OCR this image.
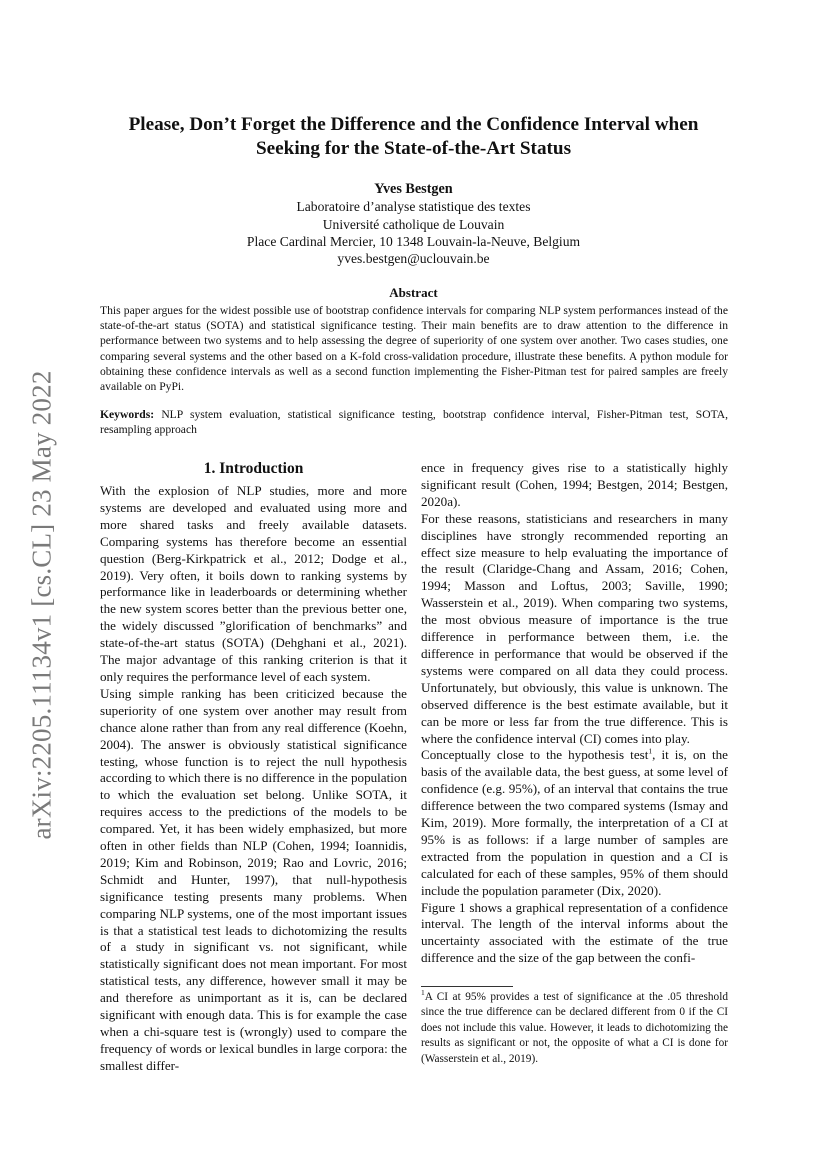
arXiv:2205.11134v1 [cs.CL] 23 May 2022
Please, Don’t Forget the Difference and the Confidence Interval when
Seeking for the State-of-the-Art Status
Yves Bestgen
Laboratoire d’analyse statistique des textes
Université catholique de Louvain
Place Cardinal Mercier, 10 1348 Louvain-la-Neuve, Belgium
yves.bestgen@uclouvain.be
Abstract
This paper argues for the widest possible use of bootstrap confidence intervals for comparing NLP system performances instead of the state-of-the-art status (SOTA) and statistical significance testing. Their main benefits are to draw attention to the difference in performance between two systems and to help assessing the degree of superiority of one system over another. Two cases studies, one comparing several systems and the other based on a K-fold cross-validation procedure, illustrate these benefits. A python module for obtaining these confidence intervals as well as a second function implementing the Fisher-Pitman test for paired samples are freely available on PyPi.
Keywords: NLP system evaluation, statistical significance testing, bootstrap confidence interval, Fisher-Pitman test, SOTA, resampling approach
1. Introduction

With the explosion of NLP studies, more and more systems are developed and evaluated using more and more shared tasks and freely available datasets. Comparing systems has therefore become an essential question (Berg-Kirkpatrick et al., 2012; Dodge et al., 2019). Very often, it boils down to ranking systems by performance like in leaderboards or determining whether the new system scores better than the previous better one, the widely discussed ”glorification of benchmarks” and state-of-the-art status (SOTA) (Dehghani et al., 2021). The major advantage of this ranking criterion is that it only requires the performance level of each system.

Using simple ranking has been criticized because the superiority of one system over another may result from chance alone rather than from any real difference (Koehn, 2004). The answer is obviously statistical significance testing, whose function is to reject the null hypothesis according to which there is no difference in the population to which the evaluation set belong. Unlike SOTA, it requires access to the predictions of the models to be compared. Yet, it has been widely emphasized, but more often in other fields than NLP (Cohen, 1994; Ioannidis, 2019; Kim and Robinson, 2019; Rao and Lovric, 2016; Schmidt and Hunter, 1997), that null-hypothesis significance testing presents many problems. When comparing NLP systems, one of the most important issues is that a statistical test leads to dichotomizing the results of a study in significant vs. not significant, while statistically significant does not mean important. For most statistical tests, any difference, however small it may be and therefore as unimportant as it is, can be declared significant with enough data. This is for example the case when a chi-square test is (wrongly) used to compare the frequency of words or lexical bundles in large corpora: the smallest differ-

ence in frequency gives rise to a statistically highly significant result (Cohen, 1994; Bestgen, 2014; Bestgen, 2020a).

For these reasons, statisticians and researchers in many disciplines have strongly recommended reporting an effect size measure to help evaluating the importance of the result (Claridge-Chang and Assam, 2016; Cohen, 1994; Masson and Loftus, 2003; Saville, 1990; Wasserstein et al., 2019). When comparing two systems, the most obvious measure of importance is the true difference in performance between them, i.e. the difference in performance that would be observed if the systems were compared on all data they could process. Unfortunately, but obviously, this value is unknown. The observed difference is the best estimate available, but it can be more or less far from the true difference. This is where the confidence interval (CI) comes into play.

Conceptually close to the hypothesis test$^1$, it is, on the basis of the available data, the best guess, at some level of confidence (e.g. 95%), of an interval that contains the true difference between the two compared systems (Ismay and Kim, 2019). More formally, the interpretation of a CI at 95% is as follows: if a large number of samples are extracted from the population in question and a CI is calculated for each of these samples, 95% of them should include the population parameter (Dix, 2020).

Figure 1 shows a graphical representation of a confidence interval. The length of the interval informs about the uncertainty associated with the estimate of the true difference and the size of the gap between the confi-

$^1$A CI at 95% provides a test of significance at the .05 threshold since the true difference can be declared different from 0 if the CI does not include this value. However, it leads to dichotomizing the results as significant or not, the opposite of what a CI is done for (Wasserstein et al., 2019).
